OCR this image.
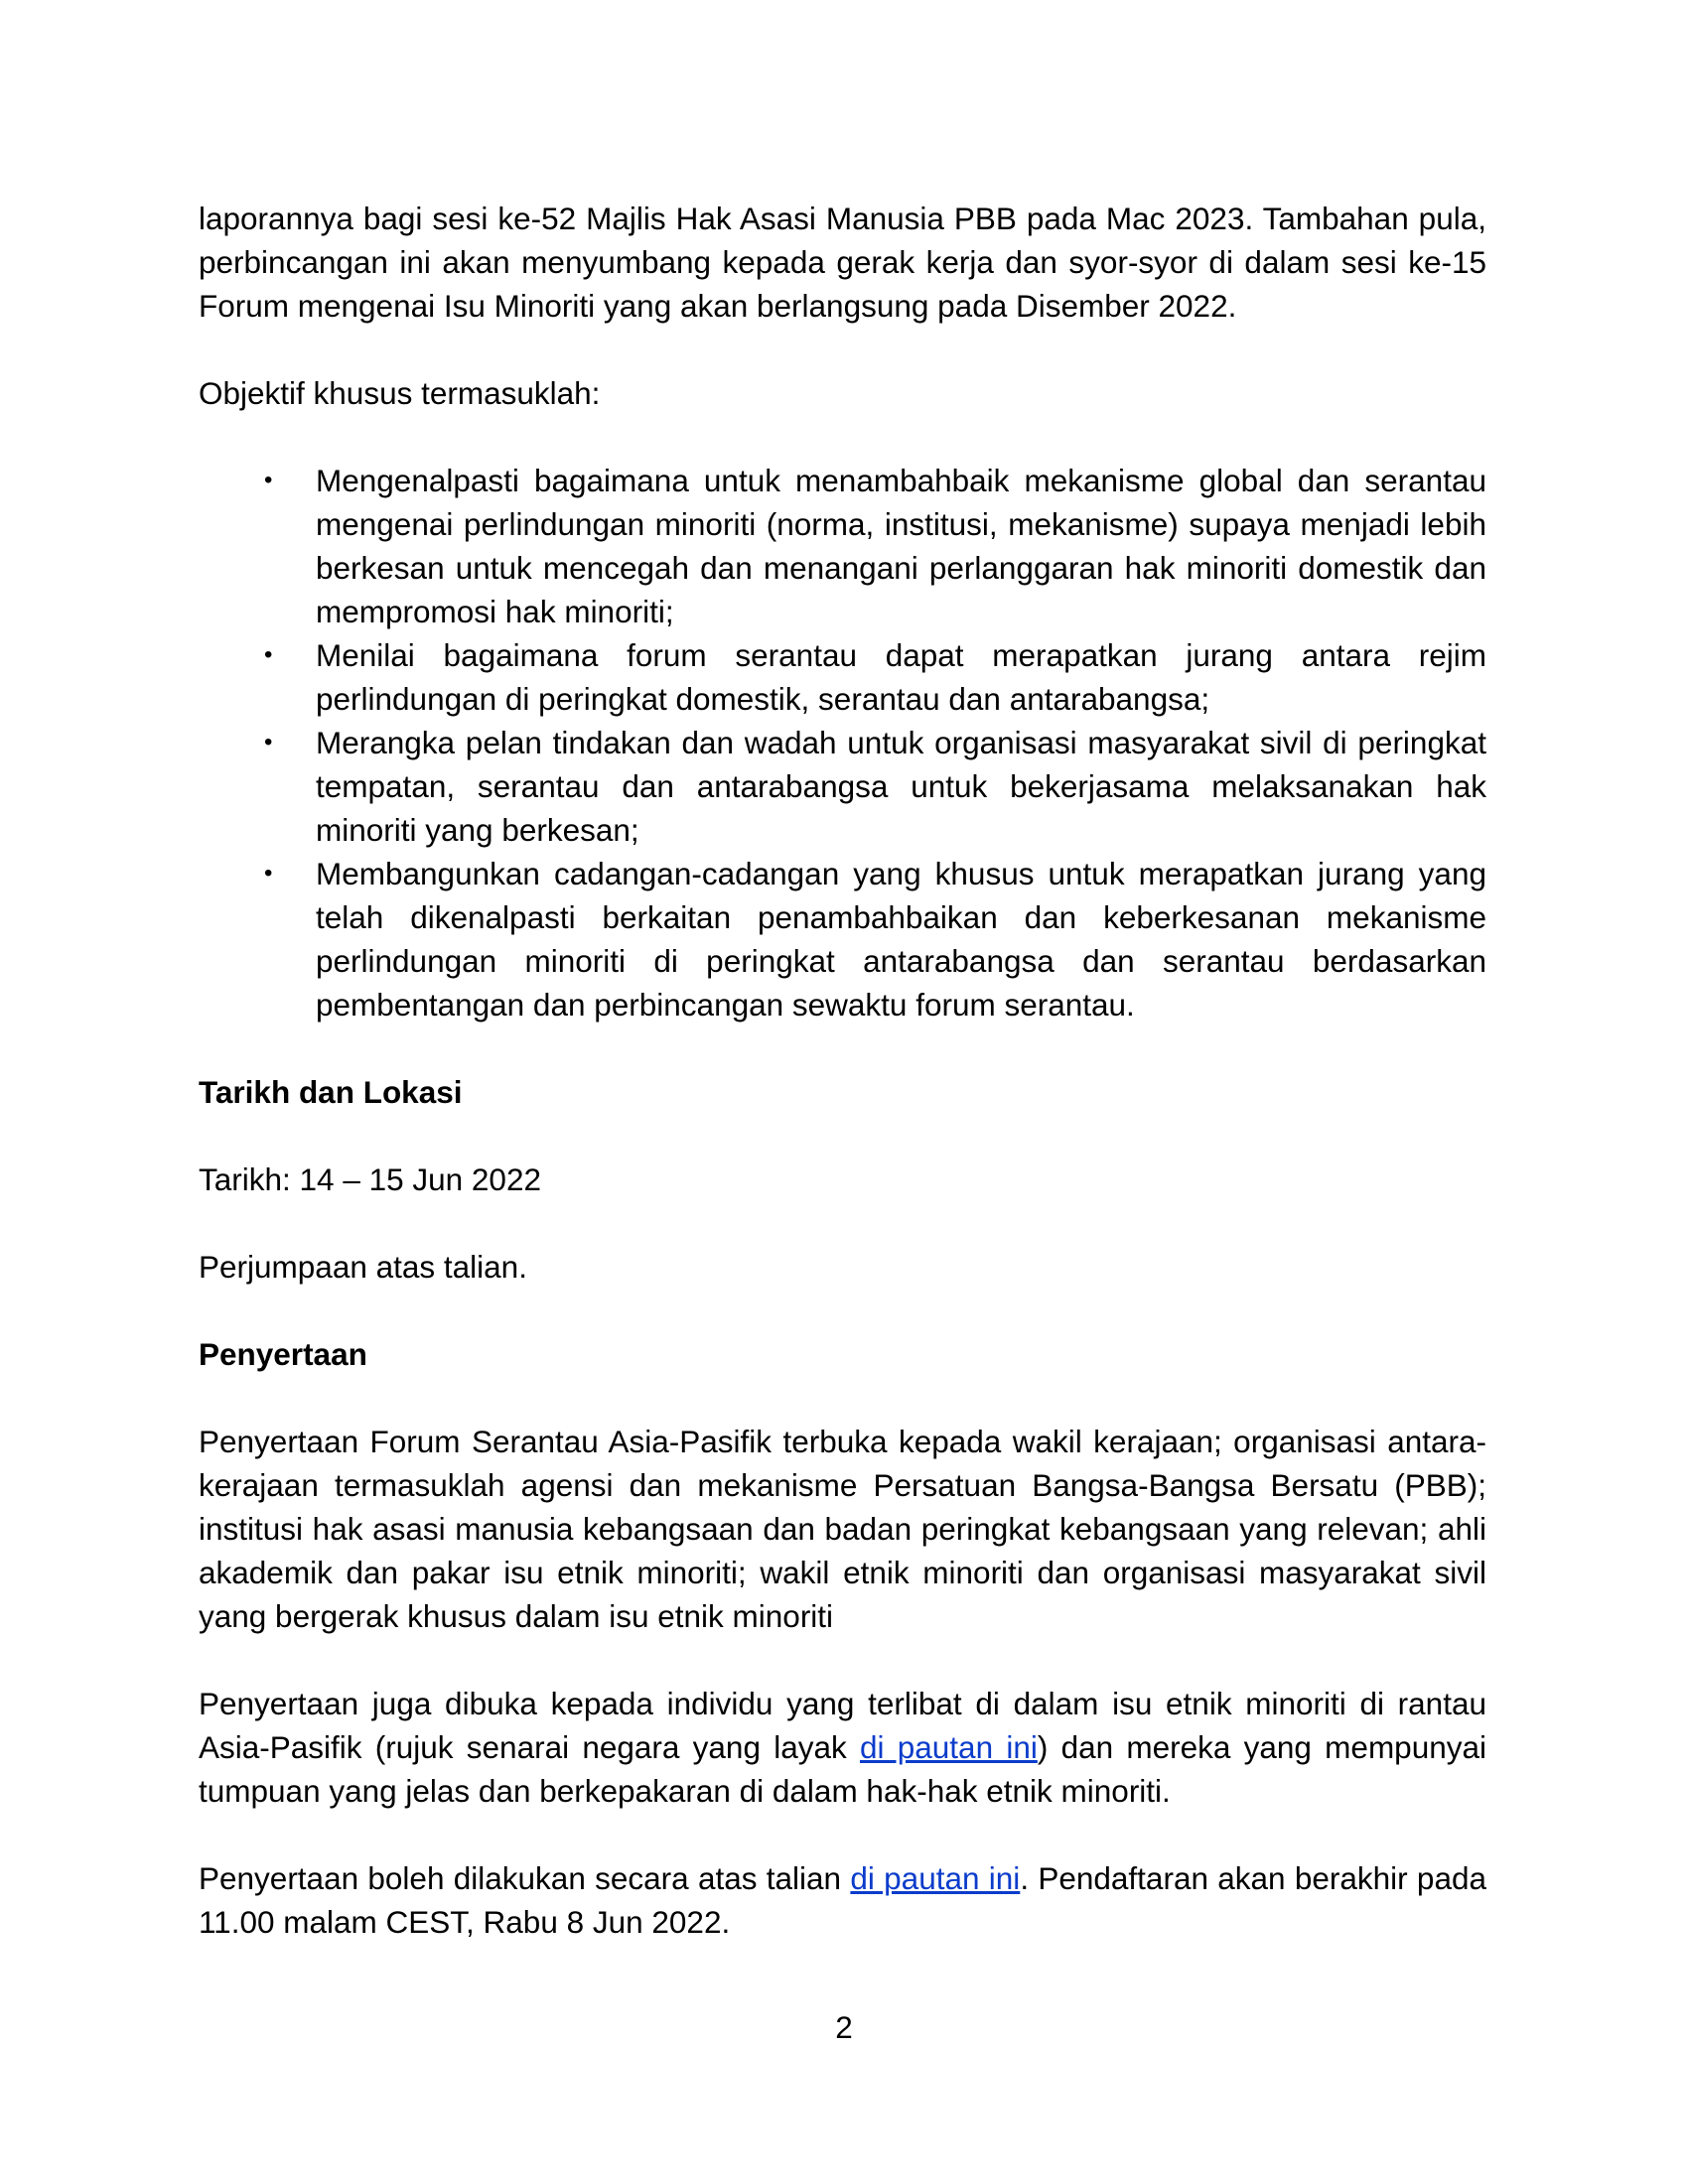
laporannya bagi sesi ke-52 Majlis Hak Asasi Manusia PBB pada Mac 2023. Tambahan pula, perbincangan ini akan menyumbang kepada gerak kerja dan syor-syor di dalam sesi ke-15 Forum mengenai Isu Minoriti yang akan berlangsung pada Disember 2022.

Objektif khusus termasuklah:

• Mengenalpasti bagaimana untuk menambahbaik mekanisme global dan serantau mengenai perlindungan minoriti (norma, institusi, mekanisme) supaya menjadi lebih berkesan untuk mencegah dan menangani perlanggaran hak minoriti domestik dan mempromosi hak minoriti;
• Menilai bagaimana forum serantau dapat merapatkan jurang antara rejim perlindungan di peringkat domestik, serantau dan antarabangsa;
• Merangka pelan tindakan dan wadah untuk organisasi masyarakat sivil di peringkat tempatan, serantau dan antarabangsa untuk bekerjasama melaksanakan hak minoriti yang berkesan;
• Membangunkan cadangan-cadangan yang khusus untuk merapatkan jurang yang telah dikenalpasti berkaitan penambahbaikan dan keberkesanan mekanisme perlindungan minoriti di peringkat antarabangsa dan serantau berdasarkan pembentangan dan perbincangan sewaktu forum serantau.

Tarikh dan Lokasi

Tarikh: 14 – 15 Jun 2022

Perjumpaan atas talian.

Penyertaan

Penyertaan Forum Serantau Asia-Pasifik terbuka kepada wakil kerajaan; organisasi antara-kerajaan termasuklah agensi dan mekanisme Persatuan Bangsa-Bangsa Bersatu (PBB); institusi hak asasi manusia kebangsaan dan badan peringkat kebangsaan yang relevan; ahli akademik dan pakar isu etnik minoriti; wakil etnik minoriti dan organisasi masyarakat sivil yang bergerak khusus dalam isu etnik minoriti

Penyertaan juga dibuka kepada individu yang terlibat di dalam isu etnik minoriti di rantau Asia-Pasifik (rujuk senarai negara yang layak di pautan ini) dan mereka yang mempunyai tumpuan yang jelas dan berkepakaran di dalam hak-hak etnik minoriti.

Penyertaan boleh dilakukan secara atas talian di pautan ini. Pendaftaran akan berakhir pada 11.00 malam CEST, Rabu 8 Jun 2022.

2
